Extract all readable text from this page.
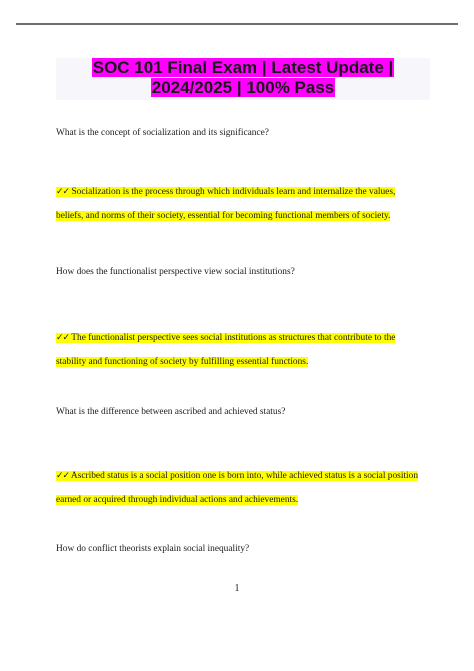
SOC 101 Final Exam | Latest Update |
2024/2025 | 100% Pass

What is the concept of socialization and its significance?

✓✓ Socialization is the process through which individuals learn and internalize the values,
beliefs, and norms of their society, essential for becoming functional members of society.

How does the functionalist perspective view social institutions?

✓✓ The functionalist perspective sees social institutions as structures that contribute to the
stability and functioning of society by fulfilling essential functions.

What is the difference between ascribed and achieved status?

✓✓ Ascribed status is a social position one is born into, while achieved status is a social position
earned or acquired through individual actions and achievements.

How do conflict theorists explain social inequality?

1
